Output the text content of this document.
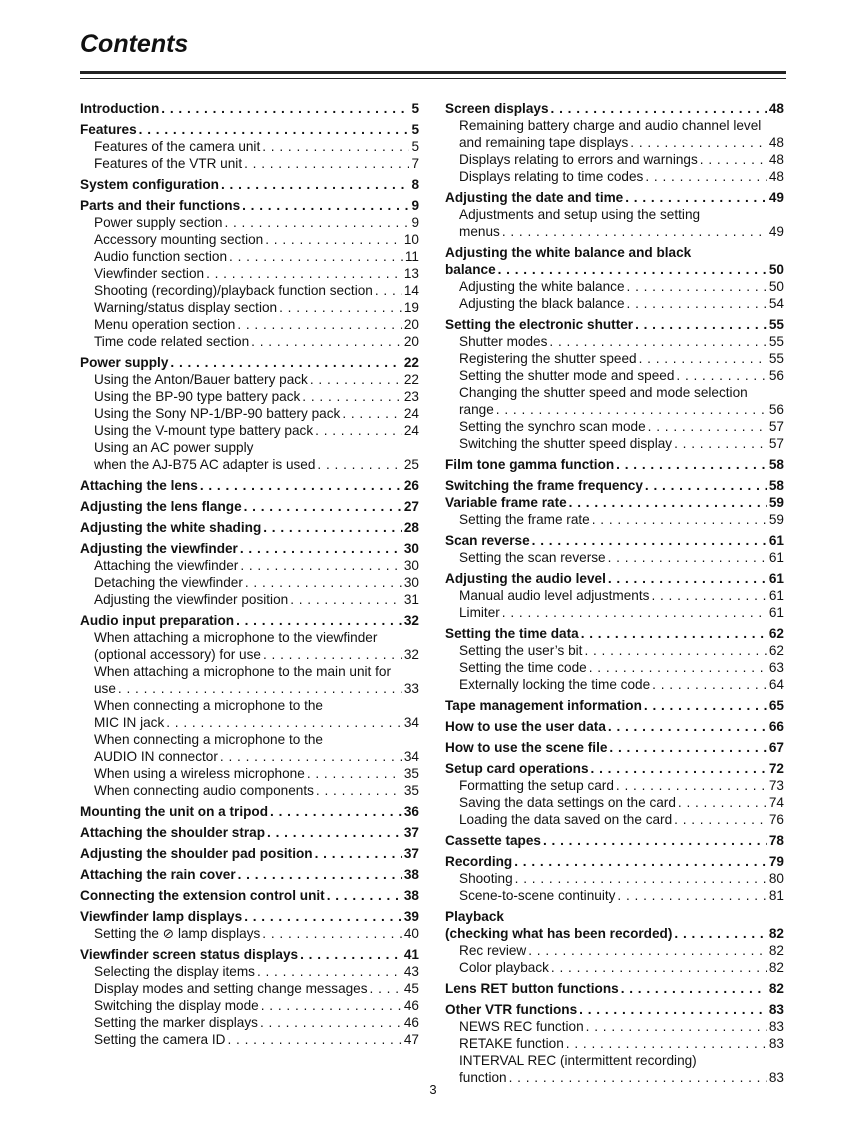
Contents
Introduction . . .	5
Features . . .	5
Features of the camera unit . . .	5
Features of the VTR unit . . .	7
System configuration . . .	8
Parts and their functions . . .	9
Power supply section . . .	9
Accessory mounting section . . .	10
Audio function section . . .	11
Viewfinder section . . .	13
Shooting (recording)/playback function section . . . 14
Warning/status display section . . .	19
Menu operation section . . .	20
Time code related section . . .	20
Power supply . . .	22
Using the Anton/Bauer battery pack . . .	22
Using the BP-90 type battery pack . . .	23
Using the Sony NP-1/BP-90 battery pack . . .	24
Using the V-mount type battery pack . . .	24
Using an AC power supply
when the AJ-B75 AC adapter is used . . .	25
Attaching the lens . . .	26
Adjusting the lens flange . . .	27
Adjusting the white shading . . .	28
Adjusting the viewfinder . . .	30
Attaching the viewfinder . . .	30
Detaching the viewfinder . . .	30
Adjusting the viewfinder position . . .	31
Audio input preparation . . .	32
When attaching a microphone to the viewfinder
(optional accessory) for use . . .	32
When attaching a microphone to the main unit for
use . . .	33
When connecting a microphone to the
MIC IN jack . . .	34
When connecting a microphone to the
AUDIO IN connector . . .	34
When using a wireless microphone . . .	35
When connecting audio components . . .	35
Mounting the unit on a tripod . . .	36
Attaching the shoulder strap . . .	37
Adjusting the shoulder pad position . . .	37
Attaching the rain cover . . .	38
Connecting the extension control unit . . .	38
Viewfinder lamp displays . . .	39
Setting the ⊘ lamp displays . . .	40
Viewfinder screen status displays . . .	41
Selecting the display items . . .	43
Display modes and setting change messages . . .	45
Switching the display mode . . .	46
Setting the marker displays . . .	46
Setting the camera ID . . .	47
Screen displays . . .	48
Remaining battery charge and audio channel level
and remaining tape displays . . .	48
Displays relating to errors and warnings . . .	48
Displays relating to time codes . . .	48
Adjusting the date and time . . .	49
Adjustments and setup using the setting
menus . . .	49
Adjusting the white balance and black
balance . . .	50
Adjusting the white balance . . .	50
Adjusting the black balance . . .	54
Setting the electronic shutter . . .	55
Shutter modes . . .	55
Registering the shutter speed . . .	55
Setting the shutter mode and speed . . .	56
Changing the shutter speed and mode selection
range . . .	56
Setting the synchro scan mode . . .	57
Switching the shutter speed display . . .	57
Film tone gamma function . . .	58
Switching the frame frequency . . .	58
Variable frame rate . . .	59
Setting the frame rate . . .	59
Scan reverse . . .	61
Setting the scan reverse . . .	61
Adjusting the audio level . . .	61
Manual audio level adjustments . . .	61
Limiter . . .	61
Setting the time data . . .	62
Setting the user’s bit . . .	62
Setting the time code . . .	63
Externally locking the time code . . .	64
Tape management information . . .	65
How to use the user data . . .	66
How to use the scene file . . .	67
Setup card operations . . .	72
Formatting the setup card . . .	73
Saving the data settings on the card . . .	74
Loading the data saved on the card . . .	76
Cassette tapes . . .	78
Recording . . .	79
Shooting . . .	80
Scene-to-scene continuity . . .	81
Playback
(checking what has been recorded) . . .	82
Rec review . . .	82
Color playback . . .	82
Lens RET button functions . . .	82
Other VTR functions . . .	83
NEWS REC function . . .	83
RETAKE function . . .	83
INTERVAL REC (intermittent recording)
function . . .	83
3
